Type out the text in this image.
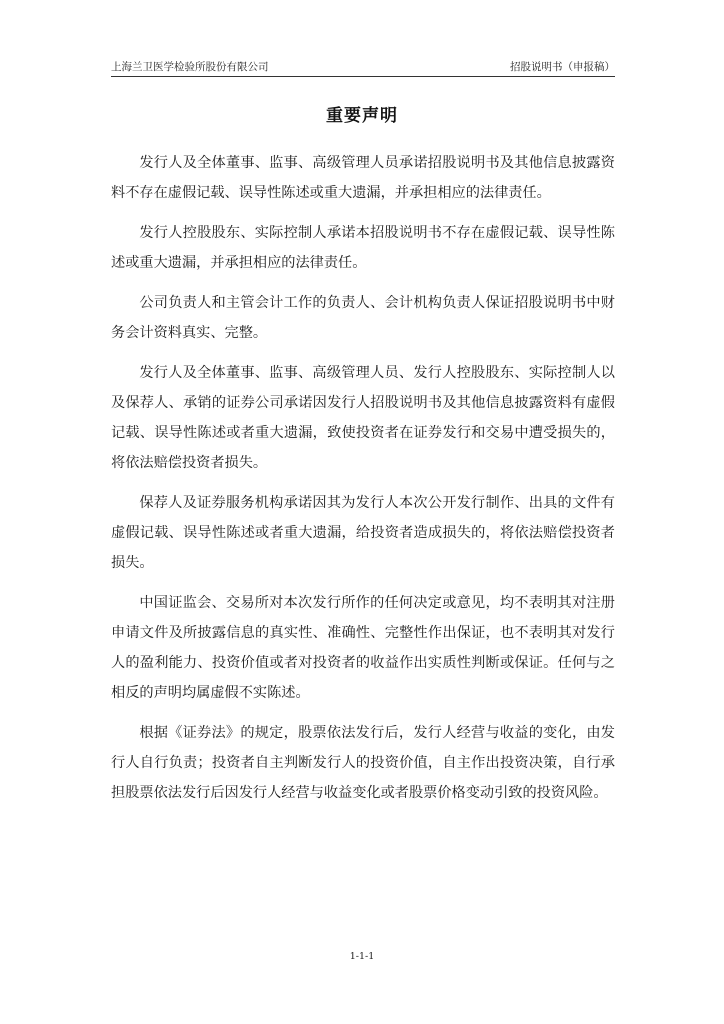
上海兰卫医学检验所股份有限公司	招股说明书（申报稿）
重要声明

发行人及全体董事、监事、高级管理人员承诺招股说明书及其他信息披露资料不存在虚假记载、误导性陈述或重大遗漏，并承担相应的法律责任。

发行人控股股东、实际控制人承诺本招股说明书不存在虚假记载、误导性陈述或重大遗漏，并承担相应的法律责任。

公司负责人和主管会计工作的负责人、会计机构负责人保证招股说明书中财务会计资料真实、完整。

发行人及全体董事、监事、高级管理人员、发行人控股股东、实际控制人以及保荐人、承销的证券公司承诺因发行人招股说明书及其他信息披露资料有虚假记载、误导性陈述或者重大遗漏，致使投资者在证券发行和交易中遭受损失的，将依法赔偿投资者损失。

保荐人及证券服务机构承诺因其为发行人本次公开发行制作、出具的文件有虚假记载、误导性陈述或者重大遗漏，给投资者造成损失的，将依法赔偿投资者损失。

中国证监会、交易所对本次发行所作的任何决定或意见，均不表明其对注册申请文件及所披露信息的真实性、准确性、完整性作出保证，也不表明其对发行人的盈利能力、投资价值或者对投资者的收益作出实质性判断或保证。任何与之相反的声明均属虚假不实陈述。

根据《证券法》的规定，股票依法发行后，发行人经营与收益的变化，由发行人自行负责；投资者自主判断发行人的投资价值，自主作出投资决策，自行承担股票依法发行后因发行人经营与收益变化或者股票价格变动引致的投资风险。

1-1-1
